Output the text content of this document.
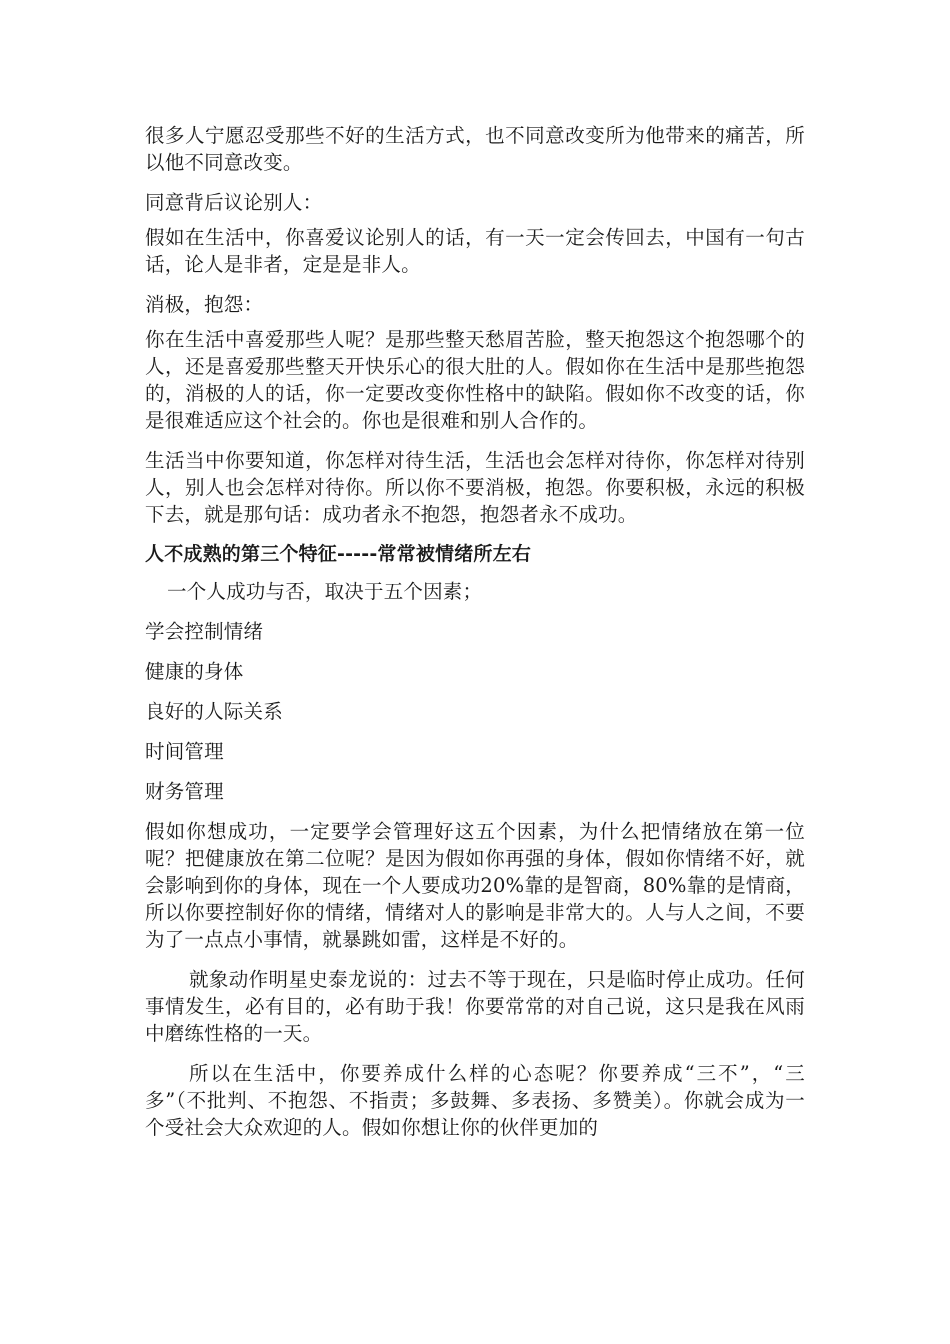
很多人宁愿忍受那些不好的生活方式，也不同意改变所为他带来的痛苦，所以他不同意改变。

同意背后议论别人：

假如在生活中，你喜爱议论别人的话，有一天一定会传回去，中国有一句古话，论人是非者，定是是非人。

消极，抱怨：

你在生活中喜爱那些人呢？是那些整天愁眉苦脸，整天抱怨这个抱怨哪个的人，还是喜爱那些整天开快乐心的很大肚的人。假如你在生活中是那些抱怨的，消极的人的话，你一定要改变你性格中的缺陷。假如你不改变的话，你是很难适应这个社会的。你也是很难和别人合作的。

生活当中你要知道，你怎样对待生活，生活也会怎样对待你，你怎样对待别人，别人也会怎样对待你。所以你不要消极，抱怨。你要积极，永远的积极下去，就是那句话：成功者永不抱怨，抱怨者永不成功。

人不成熟的第三个特征-----常常被情绪所左右

一个人成功与否，取决于五个因素；

学会控制情绪

健康的身体

良好的人际关系

时间管理

财务管理

假如你想成功，一定要学会管理好这五个因素，为什么把情绪放在第一位呢？把健康放在第二位呢？是因为假如你再强的身体，假如你情绪不好，就会影响到你的身体，现在一个人要成功20%靠的是智商，80%靠的是情商，所以你要控制好你的情绪，情绪对人的影响是非常大的。人与人之间，不要为了一点点小事情，就暴跳如雷，这样是不好的。

就象动作明星史泰龙说的：过去不等于现在，只是临时停止成功。任何事情发生，必有目的，必有助于我！你要常常的对自己说，这只是我在风雨中磨练性格的一天。

所以在生活中，你要养成什么样的心态呢？你要养成“三不”，“三多”（不批判、不抱怨、不指责；多鼓舞、多表扬、多赞美）。你就会成为一个受社会大众欢迎的人。假如你想让你的伙伴更加的
